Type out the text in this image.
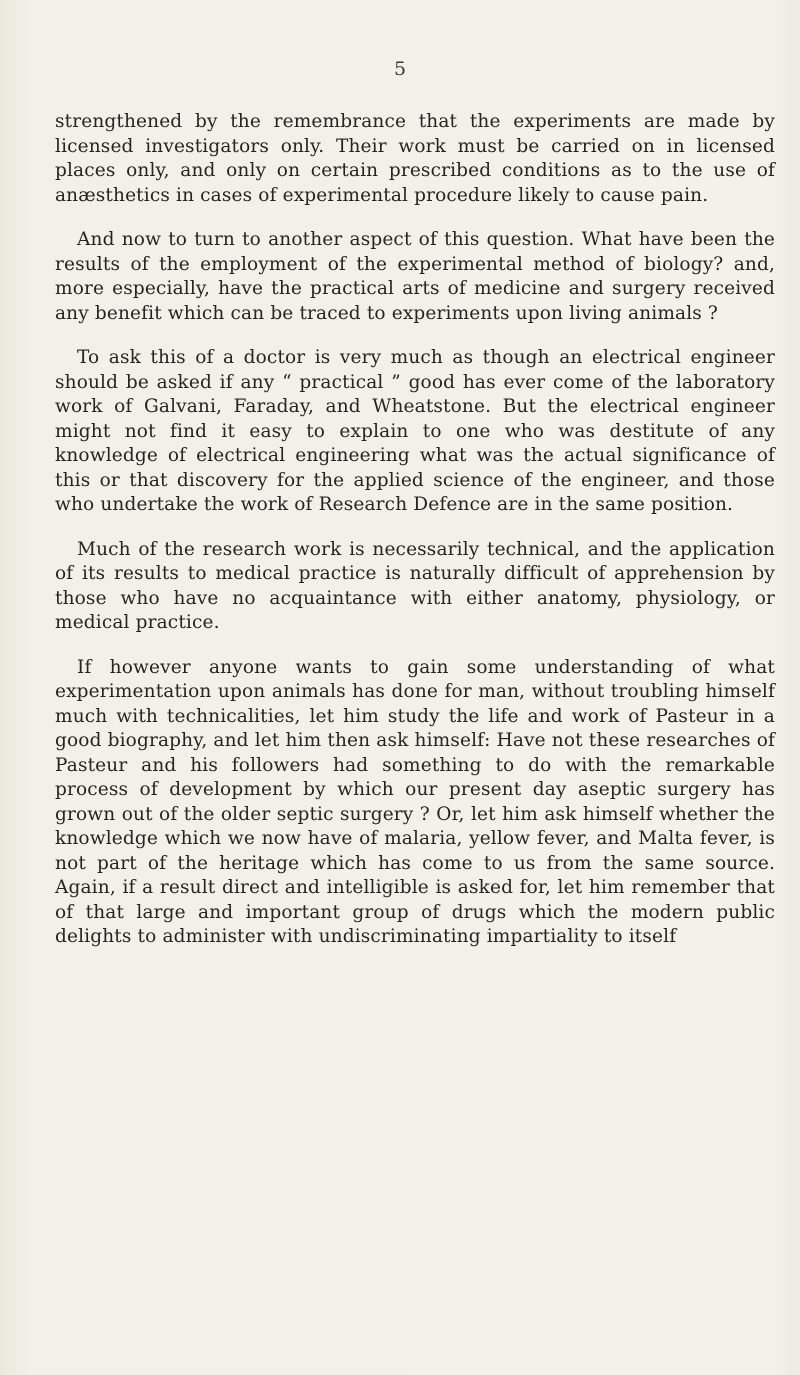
5

strengthened by the remembrance that the experiments are made by licensed investigators only. Their work must be carried on in licensed places only, and only on certain prescribed conditions as to the use of anæsthetics in cases of experimental procedure likely to cause pain.

And now to turn to another aspect of this question. What have been the results of the employment of the experimental method of biology? and, more especially, have the practical arts of medicine and surgery received any benefit which can be traced to experiments upon living animals ?

To ask this of a doctor is very much as though an electrical engineer should be asked if any “ practical ” good has ever come of the laboratory work of Galvani, Faraday, and Wheatstone. But the electrical engineer might not find it easy to explain to one who was destitute of any knowledge of electrical engineering what was the actual significance of this or that discovery for the applied science of the engineer, and those who undertake the work of Research Defence are in the same position.

Much of the research work is necessarily technical, and the application of its results to medical practice is naturally difficult of apprehension by those who have no acquaintance with either anatomy, physiology, or medical practice.

If however anyone wants to gain some understanding of what experimentation upon animals has done for man, without troubling himself much with technicalities, let him study the life and work of Pasteur in a good biography, and let him then ask himself: Have not these researches of Pasteur and his followers had something to do with the remarkable process of development by which our present day aseptic surgery has grown out of the older septic surgery ? Or, let him ask himself whether the knowledge which we now have of malaria, yellow fever, and Malta fever, is not part of the heritage which has come to us from the same source. Again, if a result direct and intelligible is asked for, let him remember that of that large and important group of drugs which the modern public delights to administer with undiscriminating impartiality to itself
